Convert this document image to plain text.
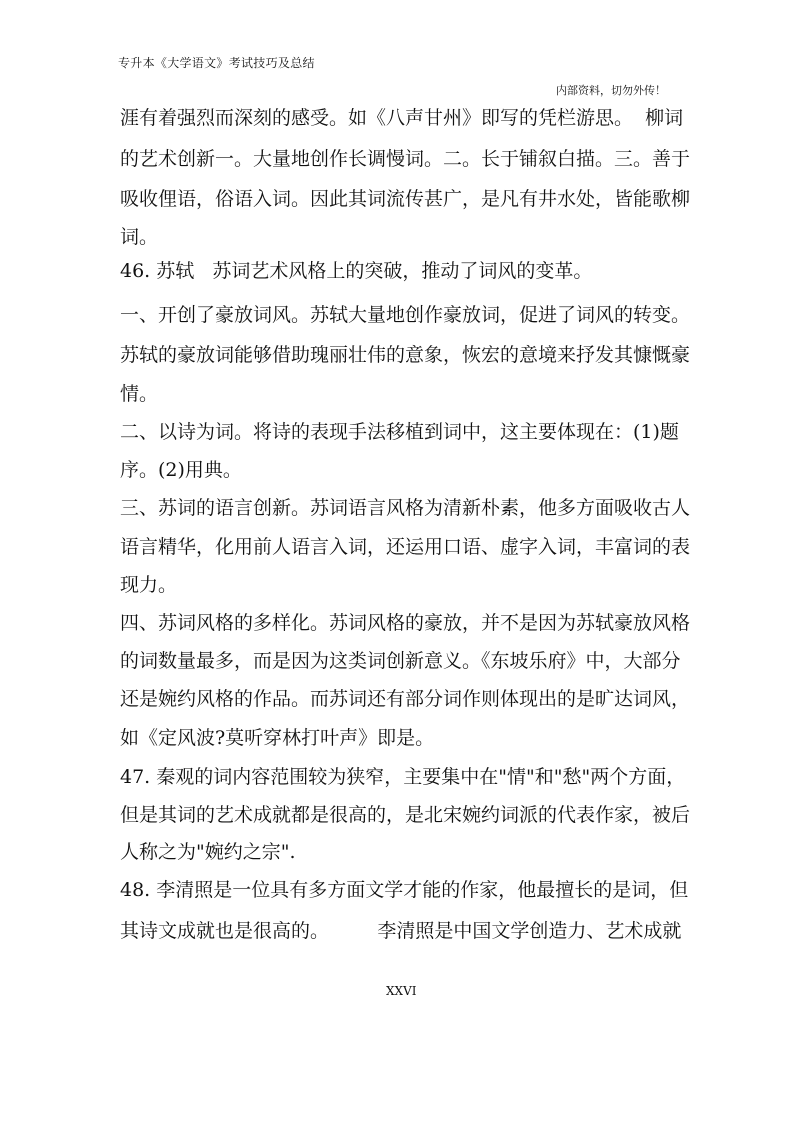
专升本《大学语文》考试技巧及总结
内部资料，切勿外传！
涯有着强烈而深刻的感受。如《八声甘州》即写的凭栏游思。  柳词
的艺术创新一。大量地创作长调慢词。二。长于铺叙白描。三。善于
吸收俚语，俗语入词。因此其词流传甚广，是凡有井水处，皆能歌柳
词。
46. 苏轼   苏词艺术风格上的突破，推动了词风的变革。
一、开创了豪放词风。苏轼大量地创作豪放词，促进了词风的转变。
苏轼的豪放词能够借助瑰丽壮伟的意象，恢宏的意境来抒发其慷慨豪
情。
二、以诗为词。将诗的表现手法移植到词中，这主要体现在：(1)题
序。(2)用典。
三、苏词的语言创新。苏词语言风格为清新朴素，他多方面吸收古人
语言精华，化用前人语言入词，还运用口语、虚字入词，丰富词的表
现力。
四、苏词风格的多样化。苏词风格的豪放，并不是因为苏轼豪放风格
的词数量最多，而是因为这类词创新意义。《东坡乐府》中，大部分
还是婉约风格的作品。而苏词还有部分词作则体现出的是旷达词风，
如《定风波?莫听穿林打叶声》即是。
47. 秦观的词内容范围较为狭窄，主要集中在"情"和"愁"两个方面，
但是其词的艺术成就都是很高的，是北宋婉约词派的代表作家，被后
人称之为"婉约之宗".
48. 李清照是一位具有多方面文学才能的作家，他最擅长的是词，但
其诗文成就也是很高的。        李清照是中国文学创造力、艺术成就
XXVI
